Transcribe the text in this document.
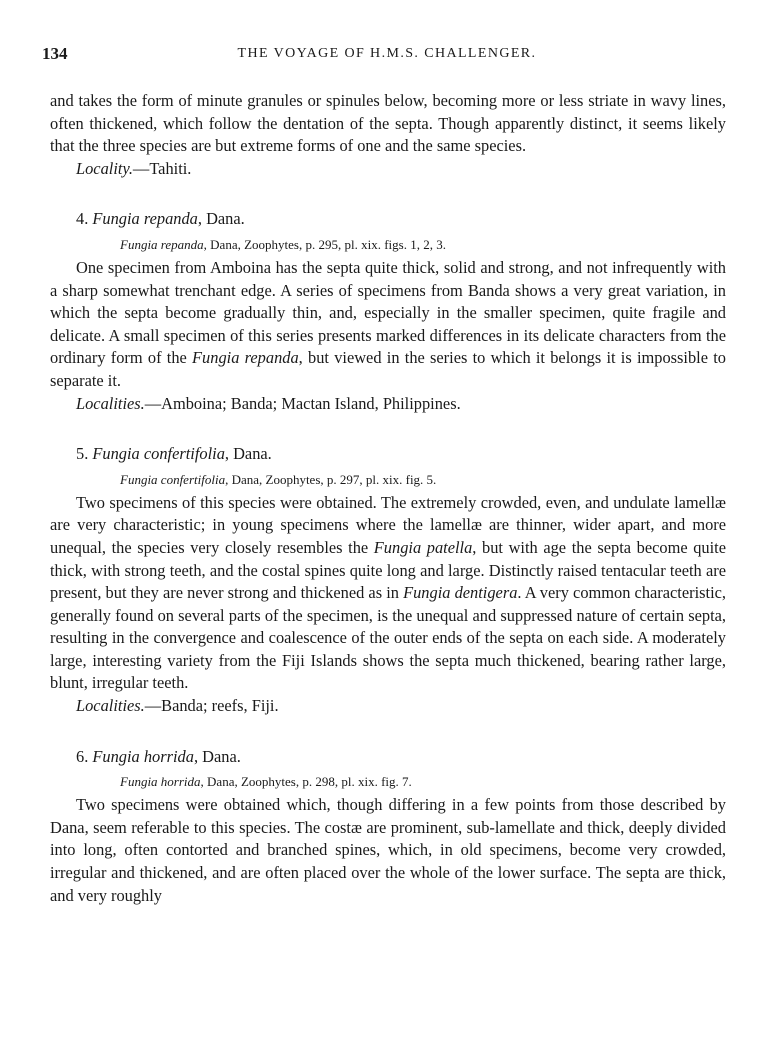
134	THE VOYAGE OF H.M.S. CHALLENGER.

and takes the form of minute granules or spinules below, becoming more or less striate in wavy lines, often thickened, which follow the dentation of the septa. Though apparently distinct, it seems likely that the three species are but extreme forms of one and the same species.

Locality.—Tahiti.

4. Fungia repanda, Dana.

Fungia repanda, Dana, Zoophytes, p. 295, pl. xix. figs. 1, 2, 3.

One specimen from Amboina has the septa quite thick, solid and strong, and not infrequently with a sharp somewhat trenchant edge. A series of specimens from Banda shows a very great variation, in which the septa become gradually thin, and, especially in the smaller specimen, quite fragile and delicate. A small specimen of this series presents marked differences in its delicate characters from the ordinary form of the Fungia repanda, but viewed in the series to which it belongs it is impossible to separate it.

Localities.—Amboina; Banda; Mactan Island, Philippines.

5. Fungia confertifolia, Dana.

Fungia confertifolia, Dana, Zoophytes, p. 297, pl. xix. fig. 5.

Two specimens of this species were obtained. The extremely crowded, even, and undulate lamellæ are very characteristic; in young specimens where the lamellæ are thinner, wider apart, and more unequal, the species very closely resembles the Fungia patella, but with age the septa become quite thick, with strong teeth, and the costal spines quite long and large. Distinctly raised tentacular teeth are present, but they are never strong and thickened as in Fungia dentigera. A very common characteristic, generally found on several parts of the specimen, is the unequal and suppressed nature of certain septa, resulting in the convergence and coalescence of the outer ends of the septa on each side. A moderately large, interesting variety from the Fiji Islands shows the septa much thickened, bearing rather large, blunt, irregular teeth.

Localities.—Banda; reefs, Fiji.

6. Fungia horrida, Dana.

Fungia horrida, Dana, Zoophytes, p. 298, pl. xix. fig. 7.

Two specimens were obtained which, though differing in a few points from those described by Dana, seem referable to this species. The costæ are prominent, sub-lamellate and thick, deeply divided into long, often contorted and branched spines, which, in old specimens, become very crowded, irregular and thickened, and are often placed over the whole of the lower surface. The septa are thick, and very roughly
